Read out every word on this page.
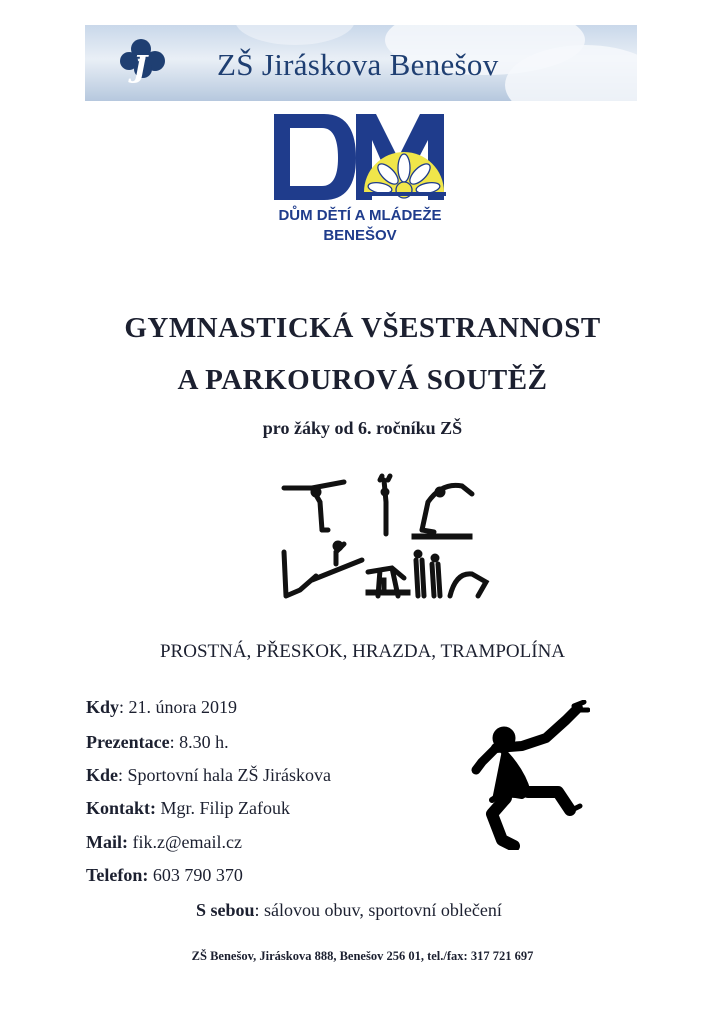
J ZŠ Jiráskova Benešov
DŮM DĚTÍ A MLÁDEŽE
BENEŠOV
GYMNASTICKÁ VŠESTRANNOST
A PARKOUROVÁ SOUTĚŽ
pro žáky od 6. ročníku ZŠ
PROSTNÁ, PŘESKOK, HRAZDA, TRAMPOLÍNA
Kdy: 21. února 2019
Prezentace: 8.30 h.
Kde: Sportovní hala ZŠ Jiráskova
Kontakt: Mgr. Filip Zafouk
Mail: fik.z@email.cz
Telefon: 603 790 370
S sebou: sálovou obuv, sportovní oblečení
ZŠ Benešov, Jiráskova 888, Benešov 256 01, tel./fax: 317 721 697
